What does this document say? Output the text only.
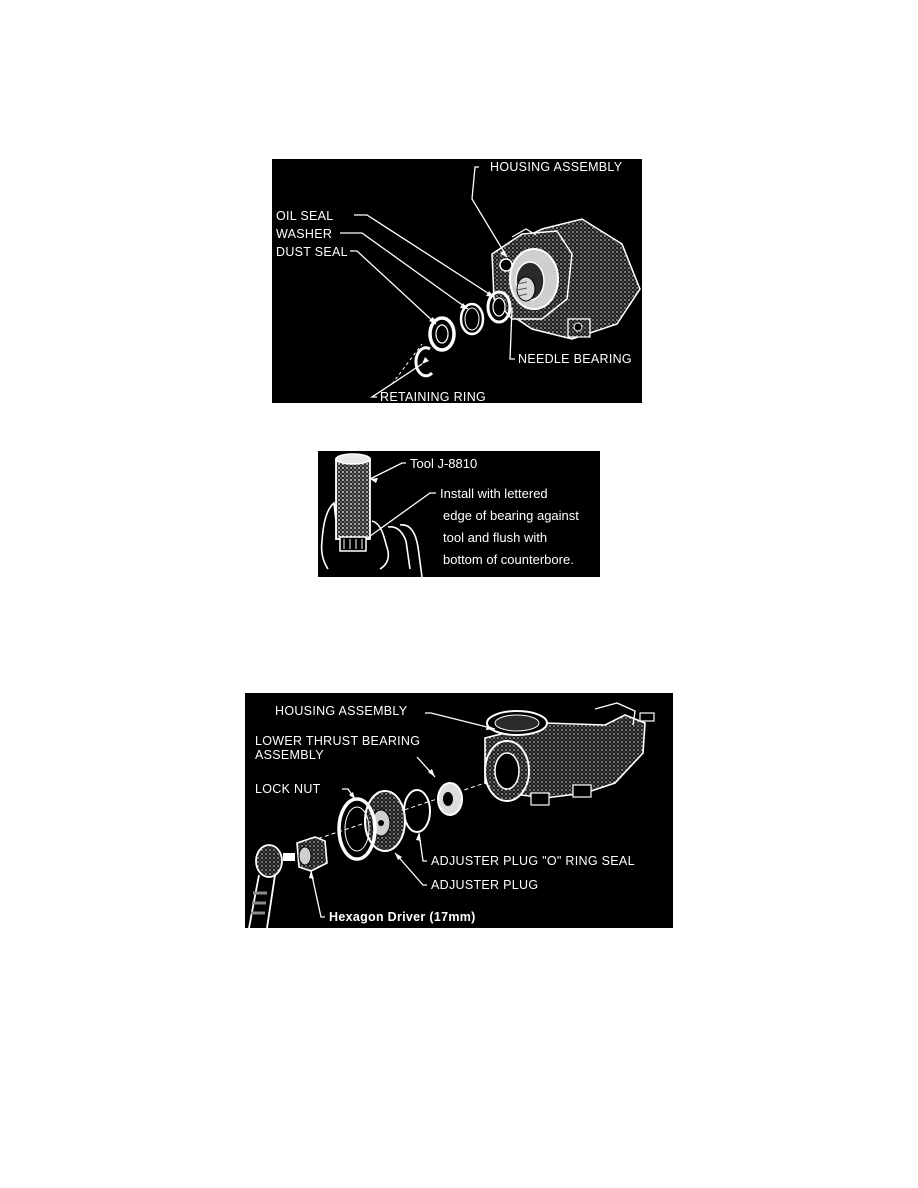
HOUSING ASSEMBLY
OIL SEAL
WASHER
DUST SEAL
NEEDLE BEARING
RETAINING RING
Tool J-8810
Install with lettered
edge of bearing against
tool and flush with
bottom of counterbore.
HOUSING ASSEMBLY
LOWER THRUST BEARING
ASSEMBLY
LOCK NUT
ADJUSTER PLUG "O" RING SEAL
ADJUSTER PLUG
Hexagon Driver (17mm)
